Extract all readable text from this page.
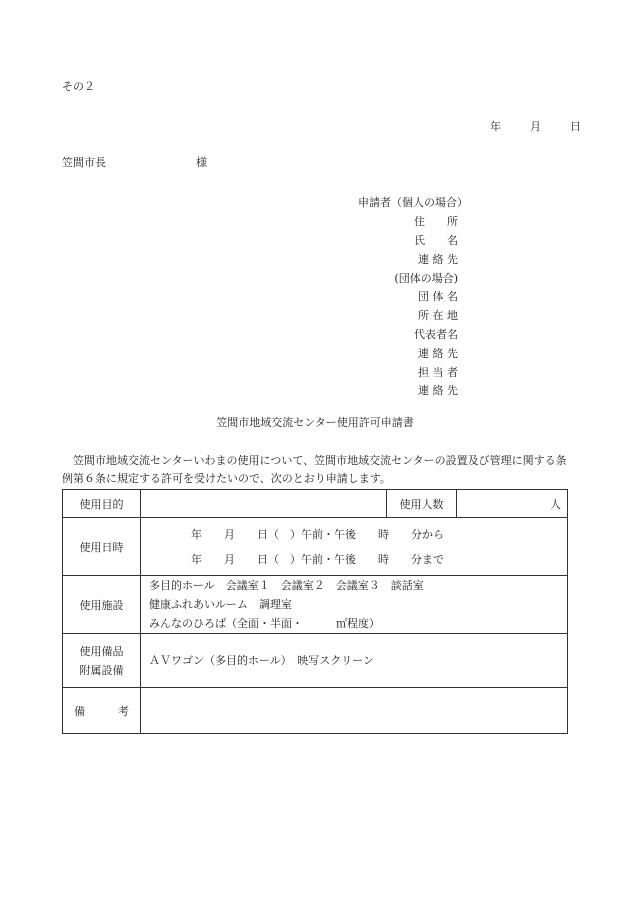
その２
年	月	日
笠間市長	様
申請者（個人の場合）
住　　所
氏　　名
連 絡 先
(団体の場合)
団 体 名
所 在 地
代表者名
連 絡 先
担 当 者
連 絡 先
笠間市地域交流センター使用許可申請書

　笠間市地域交流センターいわまの使用について、笠間市地域交流センターの設置及び管理に関する条

例第６条に規定する許可を受けたいので、次のとおり申請します。

使用目的		使用人数	人
使用日時	年　　月　　日（　）午前・午後　　時　　分から
年　　月　　日（　）午前・午後　　時　　分まで		

使用施設	多目的ホール　会議室１　会議室２　会議室３　談話室
健康ふれあいルーム　調理室
みんなのひろば（全面・半面・　　　㎡程度）		

使用備品
附属設備	ＡＶワゴン（多目的ホール）　映写スクリーン		

備　　　考			
